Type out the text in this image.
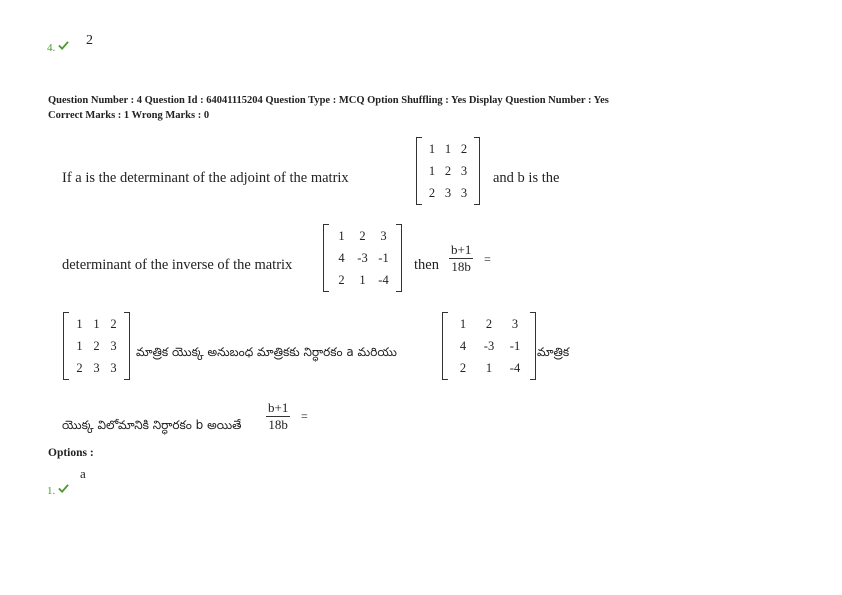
4.	2
Question Number : 4 Question Id : 64041115204 Question Type : MCQ Option Shuffling : Yes Display Question Number : Yes
Correct Marks : 1 Wrong Marks : 0
If a is the determinant of the adjoint of the matrix
1 1 2
1 2 3
2 3 3
and b is the
determinant of the inverse of the matrix
1	2	3
4	-3 -1
2	1	-4
then $\frac{b+1}{18b}$ =
1 1 2
1 2 3
2 3 3
మాత్రిక యొక్క అనుబంధ మాత్రికకు నిర్ధారకం a మరియు
1	2	3
4	-3	-1
2	1	-4
మాత్రిక
యొక్క విలోమానికి నిర్ధారకం b అయితే $\frac{b+1}{18b}$ =
Options :
a
1.
